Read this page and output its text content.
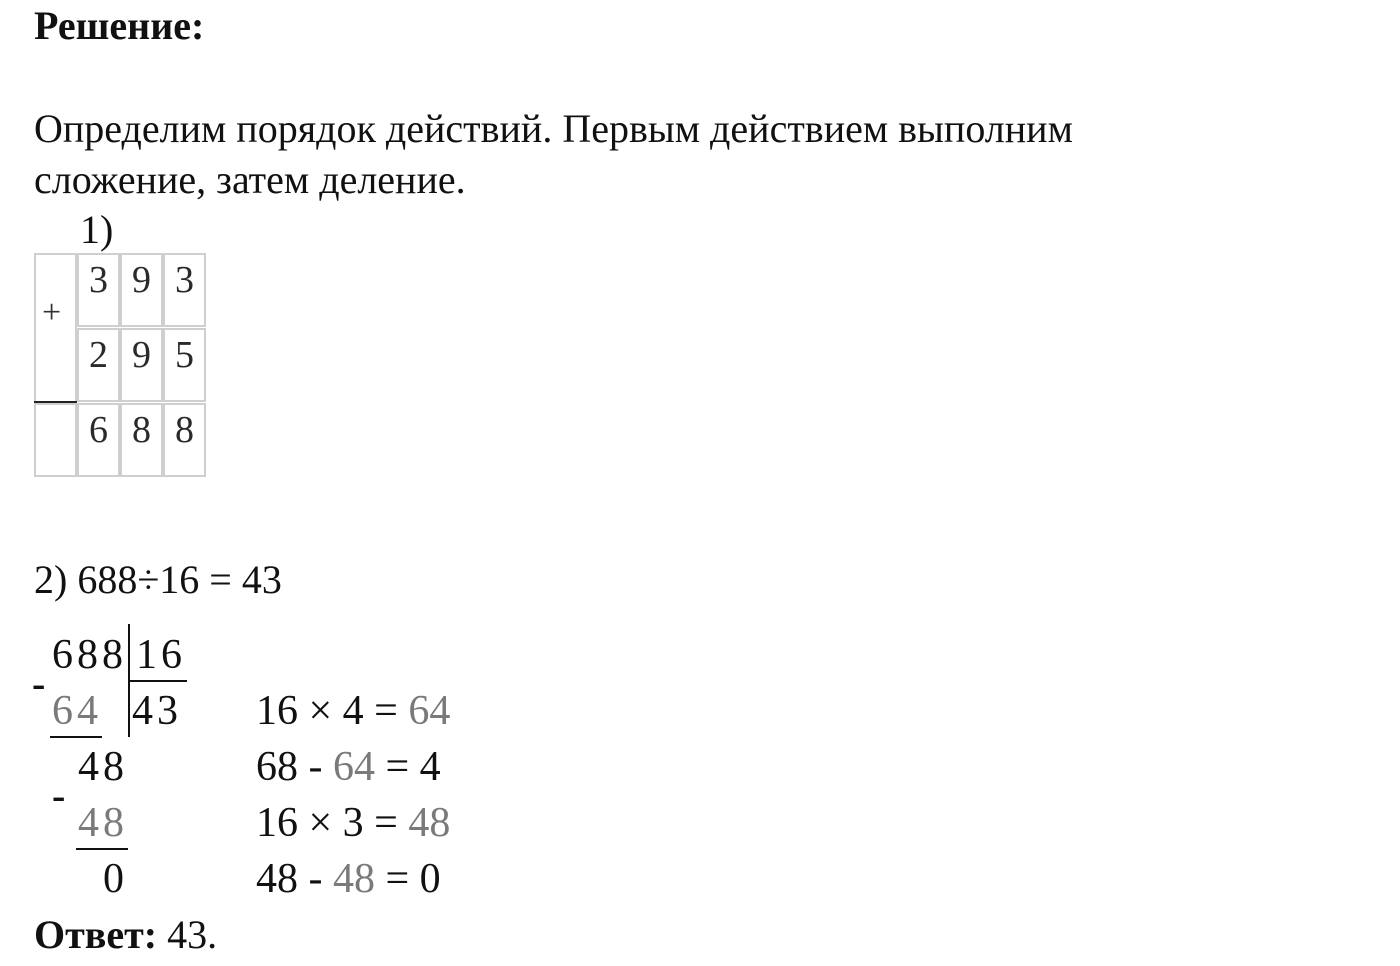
Решение:
Определим порядок действий. Первым действием выполним
сложение, затем деление.
1)
+
3 9 3
2 9 5
6 8 8
2) 688÷16 = 43
688 16
43
-
64
48
-
48
0
16 × 4 = 64
68 - 64 = 4
16 × 3 = 48
48 - 48 = 0
Ответ: 43.
